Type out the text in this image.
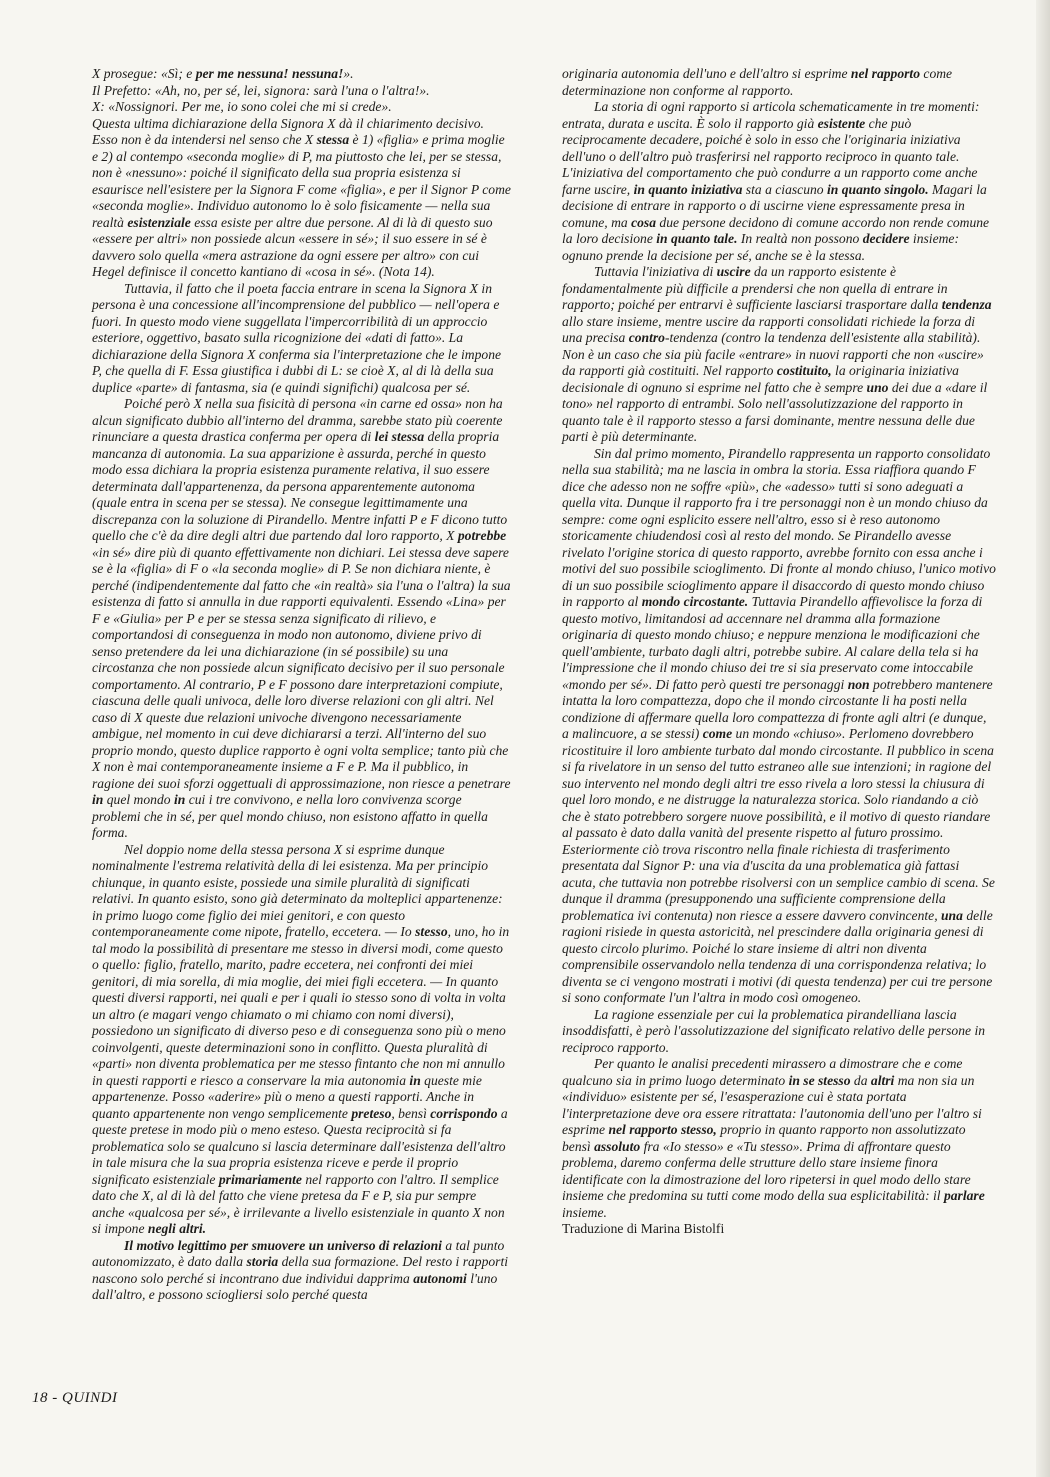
X prosegue: «Sì; e per me nessuna! nessuna!».

Il Prefetto: «Ah, no, per sé, lei, signora: sarà l'una o l'altra!».

X: «Nossignori. Per me, io sono colei che mi si crede».

Questa ultima dichiarazione della Signora X dà il chiarimento decisivo. Esso non è da intendersi nel senso che X stessa è 1) «figlia» e prima moglie e 2) al contempo «seconda moglie» di P, ma piuttosto che lei, per se stessa, non è «nessuno»: poiché il significato della sua propria esistenza si esaurisce nell'esistere per la Signora F come «figlia», e per il Signor P come «seconda moglie». Individuo autonomo lo è solo fisicamente — nella sua realtà esistenziale essa esiste per altre due persone. Al di là di questo suo «essere per altri» non possiede alcun «essere in sé»; il suo essere in sé è davvero solo quella «mera astrazione da ogni essere per altro» con cui Hegel definisce il concetto kantiano di «cosa in sé». (Nota 14).

Tuttavia, il fatto che il poeta faccia entrare in scena la Signora X in persona è una concessione all'incomprensione del pubblico — nell'opera e fuori. In questo modo viene suggellata l'impercorribilità di un approccio esteriore, oggettivo, basato sulla ricognizione dei «dati di fatto». La dichiarazione della Signora X conferma sia l'interpretazione che le impone P, che quella di F. Essa giustifica i dubbi di L: se cioè X, al di là della sua duplice «parte» di fantasma, sia (e quindi significhi) qualcosa per sé.

Poiché però X nella sua fisicità di persona «in carne ed ossa» non ha alcun significato dubbio all'interno del dramma, sarebbe stato più coerente rinunciare a questa drastica conferma per opera di lei stessa della propria mancanza di autonomia. La sua apparizione è assurda, perché in questo modo essa dichiara la propria esistenza puramente relativa, il suo essere determinata dall'appartenenza, da persona apparentemente autonoma (quale entra in scena per se stessa). Ne consegue legittimamente una discrepanza con la soluzione di Pirandello. Mentre infatti P e F dicono tutto quello che c'è da dire degli altri due partendo dal loro rapporto, X potrebbe «in sé» dire più di quanto effettivamente non dichiari. Lei stessa deve sapere se è la «figlia» di F o «la seconda moglie» di P. Se non dichiara niente, è perché (indipendentemente dal fatto che «in realtà» sia l'una o l'altra) la sua esistenza di fatto si annulla in due rapporti equivalenti. Essendo «Lina» per F e «Giulia» per P e per se stessa senza significato di rilievo, e comportandosi di conseguenza in modo non autonomo, diviene privo di senso pretendere da lei una dichiarazione (in sé possibile) su una circostanza che non possiede alcun significato decisivo per il suo personale comportamento. Al contrario, P e F possono dare interpretazioni compiute, ciascuna delle quali univoca, delle loro diverse relazioni con gli altri. Nel caso di X queste due relazioni univoche divengono necessariamente ambigue, nel momento in cui deve dichiararsi a terzi. All'interno del suo proprio mondo, questo duplice rapporto è ogni volta semplice; tanto più che X non è mai contemporaneamente insieme a F e P. Ma il pubblico, in ragione dei suoi sforzi oggettuali di approssimazione, non riesce a penetrare in quel mondo in cui i tre convivono, e nella loro convivenza scorge problemi che in sé, per quel mondo chiuso, non esistono affatto in quella forma.

Nel doppio nome della stessa persona X si esprime dunque nominalmente l'estrema relatività della di lei esistenza. Ma per principio chiunque, in quanto esiste, possiede una simile pluralità di significati relativi. In quanto esisto, sono già determinato da molteplici appartenenze: in primo luogo come figlio dei miei genitori, e con questo contemporaneamente come nipote, fratello, eccetera. — Io stesso, uno, ho in tal modo la possibilità di presentare me stesso in diversi modi, come questo o quello: figlio, fratello, marito, padre eccetera, nei confronti dei miei genitori, di mia sorella, di mia moglie, dei miei figli eccetera. — In quanto questi diversi rapporti, nei quali e per i quali io stesso sono di volta in volta un altro (e magari vengo chiamato o mi chiamo con nomi diversi), possiedono un significato di diverso peso e di conseguenza sono più o meno coinvolgenti, queste determinazioni sono in conflitto. Questa pluralità di «parti» non diventa problematica per me stesso fintanto che non mi annullo in questi rapporti e riesco a conservare la mia autonomia in queste mie appartenenze. Posso «aderire» più o meno a questi rapporti. Anche in quanto appartenente non vengo semplicemente preteso, bensì corrispondo a queste pretese in modo più o meno esteso. Questa reciprocità si fa problematica solo se qualcuno si lascia determinare dall'esistenza dell'altro in tale misura che la sua propria esistenza riceve e perde il proprio significato esistenziale primariamente nel rapporto con l'altro. Il semplice dato che X, al di là del fatto che viene pretesa da F e P, sia pur sempre anche «qualcosa per sé», è irrilevante a livello esistenziale in quanto X non si impone negli altri.

Il motivo legittimo per smuovere un universo di relazioni a tal punto autonomizzato, è dato dalla storia della sua formazione. Del resto i rapporti nascono solo perché si incontrano due individui dapprima autonomi l'uno dall'altro, e possono sciogliersi solo perché questa

originaria autonomia dell'uno e dell'altro si esprime nel rapporto come determinazione non conforme al rapporto.

La storia di ogni rapporto si articola schematicamente in tre momenti: entrata, durata e uscita. È solo il rapporto già esistente che può reciprocamente decadere, poiché è solo in esso che l'originaria iniziativa dell'uno o dell'altro può trasferirsi nel rapporto reciproco in quanto tale. L'iniziativa del comportamento che può condurre a un rapporto come anche farne uscire, in quanto iniziativa sta a ciascuno in quanto singolo. Magari la decisione di entrare in rapporto o di uscirne viene espressamente presa in comune, ma cosa due persone decidono di comune accordo non rende comune la loro decisione in quanto tale. In realtà non possono decidere insieme: ognuno prende la decisione per sé, anche se è la stessa.

Tuttavia l'iniziativa di uscire da un rapporto esistente è fondamentalmente più difficile a prendersi che non quella di entrare in rapporto; poiché per entrarvi è sufficiente lasciarsi trasportare dalla tendenza allo stare insieme, mentre uscire da rapporti consolidati richiede la forza di una precisa contro-tendenza (contro la tendenza dell'esistente alla stabilità). Non è un caso che sia più facile «entrare» in nuovi rapporti che non «uscire» da rapporti già costituiti. Nel rapporto costituito, la originaria iniziativa decisionale di ognuno si esprime nel fatto che è sempre uno dei due a «dare il tono» nel rapporto di entrambi. Solo nell'assolutizzazione del rapporto in quanto tale è il rapporto stesso a farsi dominante, mentre nessuna delle due parti è più determinante.

Sin dal primo momento, Pirandello rappresenta un rapporto consolidato nella sua stabilità; ma ne lascia in ombra la storia. Essa riaffiora quando F dice che adesso non ne soffre «più», che «adesso» tutti si sono adeguati a quella vita. Dunque il rapporto fra i tre personaggi non è un mondo chiuso da sempre: come ogni esplicito essere nell'altro, esso si è reso autonomo storicamente chiudendosi così al resto del mondo. Se Pirandello avesse rivelato l'origine storica di questo rapporto, avrebbe fornito con essa anche i motivi del suo possibile scioglimento. Di fronte al mondo chiuso, l'unico motivo di un suo possibile scioglimento appare il disaccordo di questo mondo chiuso in rapporto al mondo circostante. Tuttavia Pirandello affievolisce la forza di questo motivo, limitandosi ad accennare nel dramma alla formazione originaria di questo mondo chiuso; e neppure menziona le modificazioni che quell'ambiente, turbato dagli altri, potrebbe subire. Al calare della tela si ha l'impressione che il mondo chiuso dei tre si sia preservato come intoccabile «mondo per sé». Di fatto però questi tre personaggi non potrebbero mantenere intatta la loro compattezza, dopo che il mondo circostante li ha posti nella condizione di affermare quella loro compattezza di fronte agli altri (e dunque, a malincuore, a se stessi) come un mondo «chiuso». Perlomeno dovrebbero ricostituire il loro ambiente turbato dal mondo circostante. Il pubblico in scena si fa rivelatore in un senso del tutto estraneo alle sue intenzioni; in ragione del suo intervento nel mondo degli altri tre esso rivela a loro stessi la chiusura di quel loro mondo, e ne distrugge la naturalezza storica. Solo riandando a ciò che è stato potrebbero sorgere nuove possibilità, e il motivo di questo riandare al passato è dato dalla vanità del presente rispetto al futuro prossimo. Esteriormente ciò trova riscontro nella finale richiesta di trasferimento presentata dal Signor P: una via d'uscita da una problematica già fattasi acuta, che tuttavia non potrebbe risolversi con un semplice cambio di scena. Se dunque il dramma (presupponendo una sufficiente comprensione della problematica ivi contenuta) non riesce a essere davvero convincente, una delle ragioni risiede in questa astoricità, nel prescindere dalla originaria genesi di questo circolo plurimo. Poiché lo stare insieme di altri non diventa comprensibile osservandolo nella tendenza di una corrispondenza relativa; lo diventa se ci vengono mostrati i motivi (di questa tendenza) per cui tre persone si sono conformate l'un l'altra in modo così omogeneo.

La ragione essenziale per cui la problematica pirandelliana lascia insoddisfatti, è però l'assolutizzazione del significato relativo delle persone in reciproco rapporto.

Per quanto le analisi precedenti mirassero a dimostrare che e come qualcuno sia in primo luogo determinato in se stesso da altri ma non sia un «individuo» esistente per sé, l'esasperazione cui è stata portata l'interpretazione deve ora essere ritrattata: l'autonomia dell'uno per l'altro si esprime nel rapporto stesso, proprio in quanto rapporto non assolutizzato bensì assoluto fra «Io stesso» e «Tu stesso». Prima di affrontare questo problema, daremo conferma delle strutture dello stare insieme finora identificate con la dimostrazione del loro ripetersi in quel modo dello stare insieme che predomina su tutti come modo della sua esplicitabilità: il parlare insieme.

Traduzione di Marina Bistolfi

18 - QUINDI
